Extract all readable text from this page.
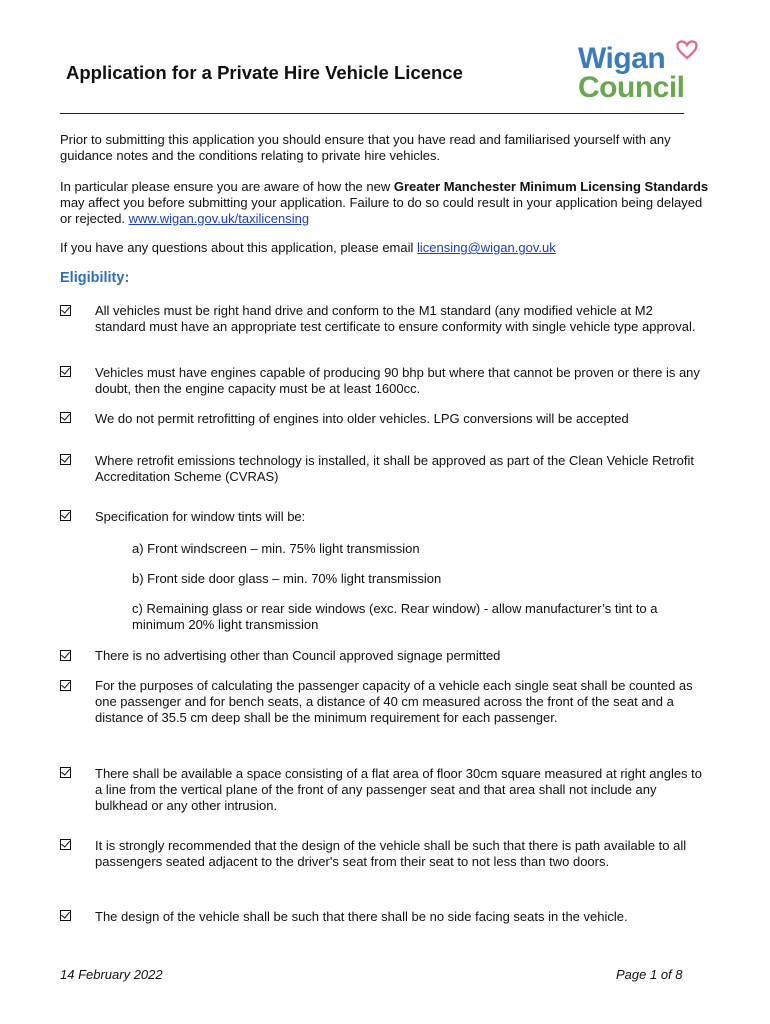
Application for a Private Hire Vehicle Licence	Wigan
Council

Prior to submitting this application you should ensure that you have read and familiarised yourself with any guidance notes and the conditions relating to private hire vehicles.

In particular please ensure you are aware of how the new Greater Manchester Minimum Licensing Standards may affect you before submitting your application. Failure to do so could result in your application being delayed or rejected. www.wigan.gov.uk/taxilicensing

If you have any questions about this application, please email licensing@wigan.gov.uk

Eligibility:

All vehicles must be right hand drive and conform to the M1 standard (any modified vehicle at M2 standard must have an appropriate test certificate to ensure conformity with single vehicle type approval.

Vehicles must have engines capable of producing 90 bhp but where that cannot be proven or there is any doubt, then the engine capacity must be at least 1600cc.

We do not permit retrofitting of engines into older vehicles. LPG conversions will be accepted

Where retrofit emissions technology is installed, it shall be approved as part of the Clean Vehicle Retrofit Accreditation Scheme (CVRAS)

Specification for window tints will be:

a) Front windscreen – min. 75% light transmission

b) Front side door glass – min. 70% light transmission

c) Remaining glass or rear side windows (exc. Rear window) - allow manufacturer’s tint to a minimum 20% light transmission

There is no advertising other than Council approved signage permitted

For the purposes of calculating the passenger capacity of a vehicle each single seat shall be counted as one passenger and for bench seats, a distance of 40 cm measured across the front of the seat and a distance of 35.5 cm deep shall be the minimum requirement for each passenger.

There shall be available a space consisting of a flat area of floor 30cm square measured at right angles to a line from the vertical plane of the front of any passenger seat and that area shall not include any bulkhead or any other intrusion.

It is strongly recommended that the design of the vehicle shall be such that there is path available to all passengers seated adjacent to the driver's seat from their seat to not less than two doors.

The design of the vehicle shall be such that there shall be no side facing seats in the vehicle.

14 February 2022	Page 1 of 8
